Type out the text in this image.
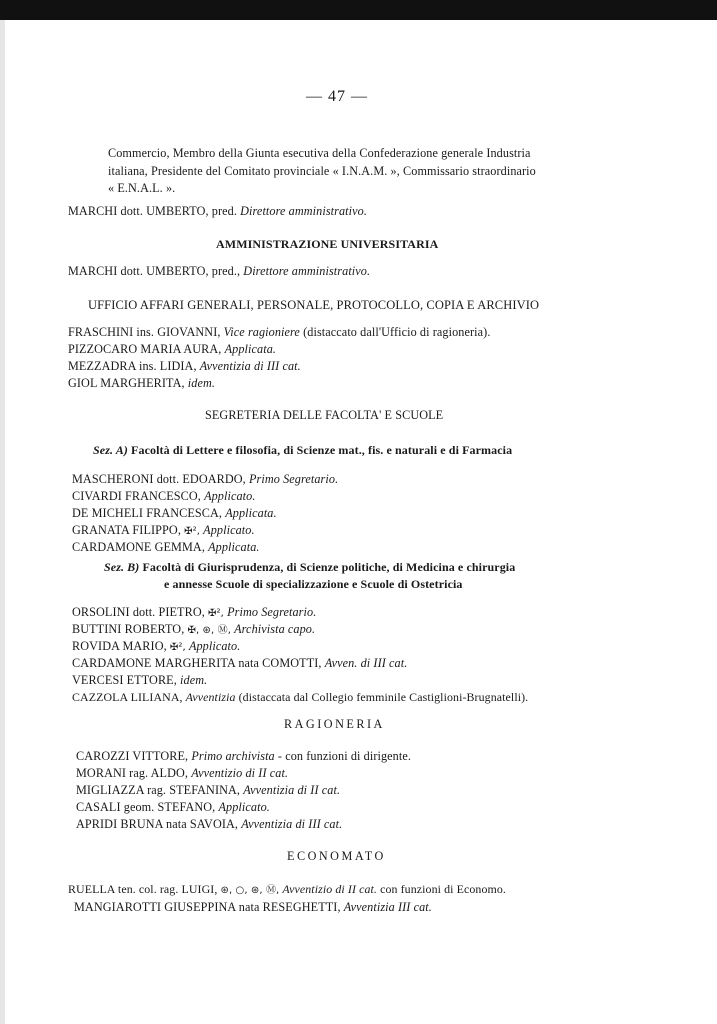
— 47 —
Commercio, Membro della Giunta esecutiva della Confederazione generale Industria
italiana, Presidente del Comitato provinciale « I.N.A.M. », Commissario straordinario
« E.N.A.L. ».
MARCHI dott. UMBERTO, pred. Direttore amministrativo.
AMMINISTRAZIONE UNIVERSITARIA
MARCHI dott. UMBERTO, pred., Direttore amministrativo.
UFFICIO AFFARI GENERALI, PERSONALE, PROTOCOLLO, COPIA E ARCHIVIO
FRASCHINI ins. GIOVANNI, Vice ragioniere (distaccato dall'Ufficio di ragioneria).
PIZZOCARO MARIA AURA, Applicata.
MEZZADRA ins. LIDIA, Avventizia di III cat.
GIOL MARGHERITA, idem.
SEGRETERIA DELLE FACOLTA' E SCUOLE
Sez. A) Facoltà di Lettere e filosofia, di Scienze mat., fis. e naturali e di Farmacia
MASCHERONI dott. EDOARDO, Primo Segretario.
CIVARDI FRANCESCO, Applicato.
DE MICHELI FRANCESCA, Applicata.
GRANATA FILIPPO, ✠², Applicato.
CARDAMONE GEMMA, Applicata.
Sez. B) Facoltà di Giurisprudenza, di Scienze politiche, di Medicina e chirurgia
e annesse Scuole di specializzazione e Scuole di Ostetricia
ORSOLINI dott. PIETRO, ✠², Primo Segretario.
BUTTINI ROBERTO, ✠, ⊛, Ⓜ, Archivista capo.
ROVIDA MARIO, ✠², Applicato.
CARDAMONE MARGHERITA nata COMOTTI, Avven. di III cat.
VERCESI ETTORE, idem.
CAZZOLA LILIANA, Avventizia (distaccata dal Collegio femminile Castiglioni-Brugnatelli).
RAGIONERIA
CAROZZI VITTORE, Primo archivista - con funzioni di dirigente.
MORANI rag. ALDO, Avventizio di II cat.
MIGLIAZZA rag. STEFANINA, Avventizia di II cat.
CASALI geom. STEFANO, Applicato.
APRIDI BRUNA nata SAVOIA, Avventizia di III cat.
ECONOMATO
RUELLA ten. col. rag. LUIGI, ⊛, ○, ⊛, Ⓜ, Avventizio di II cat. con funzioni di Economo.
MANGIAROTTI GIUSEPPINA nata RESEGHETTI, Avventizia III cat.
